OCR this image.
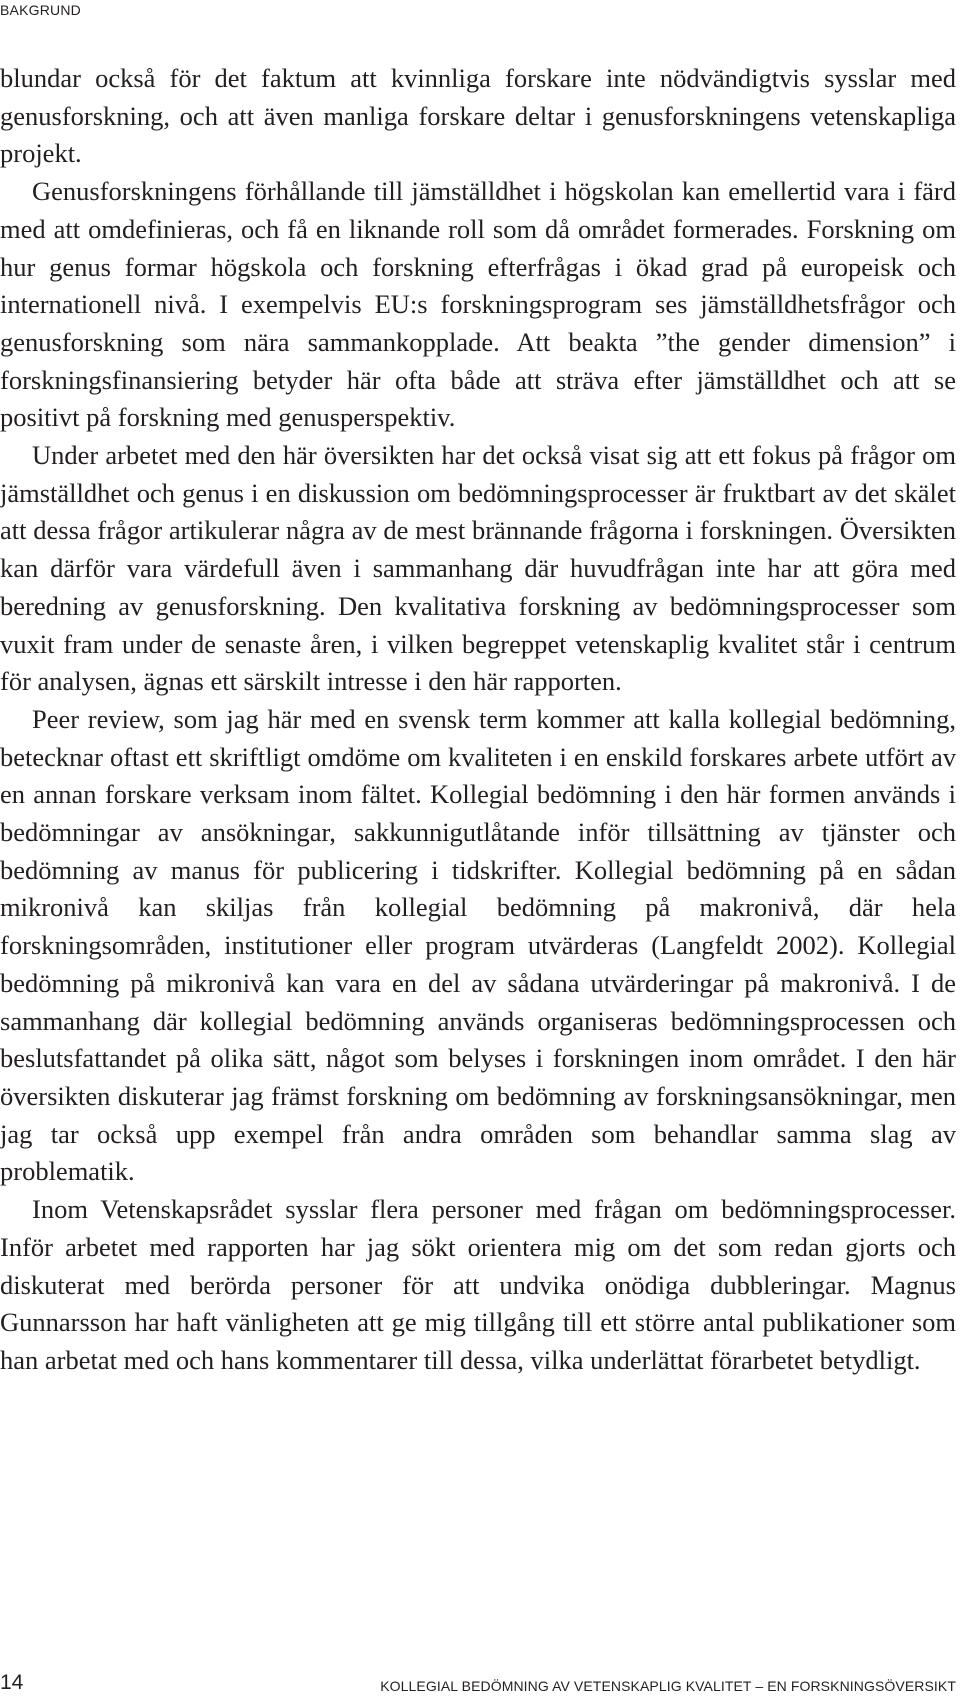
BAKGRUND

blundar också för det faktum att kvinnliga forskare inte nödvändigtvis sysslar med genusforskning, och att även manliga forskare deltar i genusforskningens vetenskapliga projekt.

Genusforskningens förhållande till jämställdhet i högskolan kan emellertid vara i färd med att omdefinieras, och få en liknande roll som då området formerades. Forskning om hur genus formar högskola och forskning efterfrågas i ökad grad på europeisk och internationell nivå. I exempelvis EU:s forskningsprogram ses jämställdhetsfrågor och genusforskning som nära sammankopplade. Att beakta ”the gender dimension” i forskningsfinansiering betyder här ofta både att sträva efter jämställdhet och att se positivt på forskning med genusperspektiv.

Under arbetet med den här översikten har det också visat sig att ett fokus på frågor om jämställdhet och genus i en diskussion om bedömningsprocesser är fruktbart av det skälet att dessa frågor artikulerar några av de mest brännande frågorna i forskningen. Översikten kan därför vara värdefull även i sammanhang där huvudfrågan inte har att göra med beredning av genusforskning. Den kvalitativa forskning av bedömningsprocesser som vuxit fram under de senaste åren, i vilken begreppet vetenskaplig kvalitet står i centrum för analysen, ägnas ett särskilt intresse i den här rapporten.

Peer review, som jag här med en svensk term kommer att kalla kollegial bedömning, betecknar oftast ett skriftligt omdöme om kvaliteten i en enskild forskares arbete utfört av en annan forskare verksam inom fältet. Kollegial bedömning i den här formen används i bedömningar av ansökningar, sakkunnigutlåtande inför tillsättning av tjänster och bedömning av manus för publicering i tidskrifter. Kollegial bedömning på en sådan mikronivå kan skiljas från kollegial bedömning på makronivå, där hela forskningsområden, institutioner eller program utvärderas (Langfeldt 2002). Kollegial bedömning på mikronivå kan vara en del av sådana utvärderingar på makronivå. I de sammanhang där kollegial bedömning används organiseras bedömningsprocessen och beslutsfattandet på olika sätt, något som belyses i forskningen inom området. I den här översikten diskuterar jag främst forskning om bedömning av forskningsansökningar, men jag tar också upp exempel från andra områden som behandlar samma slag av problematik.

Inom Vetenskapsrådet sysslar flera personer med frågan om bedömningsprocesser. Inför arbetet med rapporten har jag sökt orientera mig om det som redan gjorts och diskuterat med berörda personer för att undvika onödiga dubbleringar. Magnus Gunnarsson har haft vänligheten att ge mig tillgång till ett större antal publikationer som han arbetat med och hans kommentarer till dessa, vilka underlättat förarbetet betydligt.

14	KOLLEGIAL BEDÖMNING AV VETENSKAPLIG KVALITET – EN FORSKNINGSÖVERSIKT
